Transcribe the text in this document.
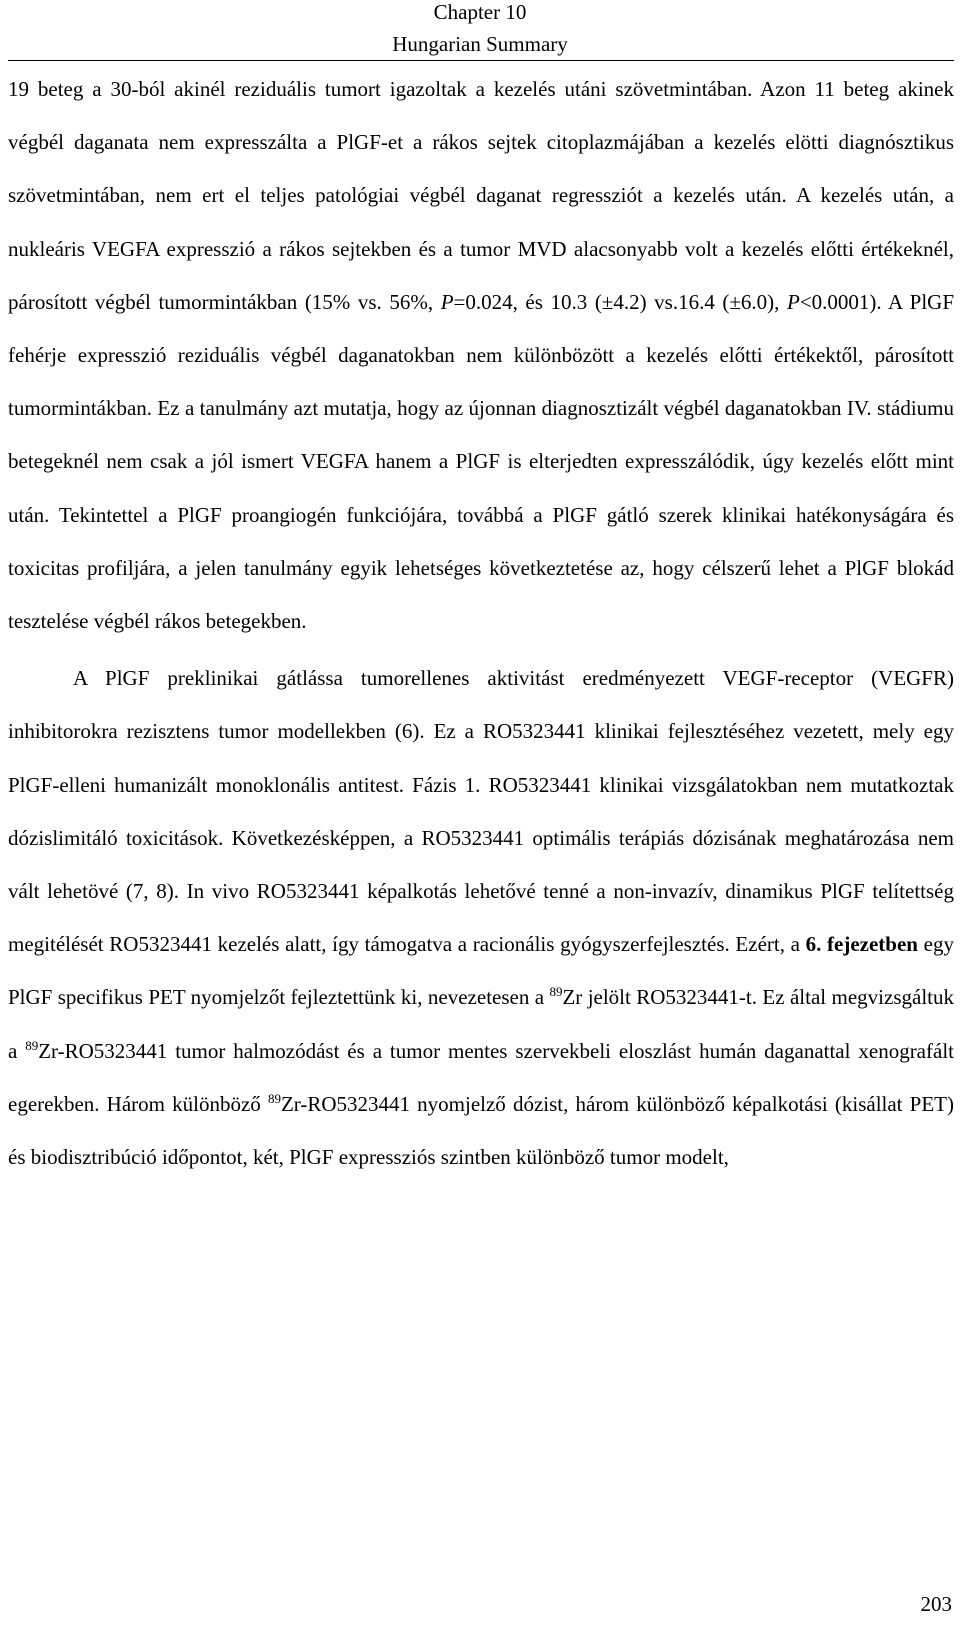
Chapter 10
Hungarian Summary

19 beteg a 30-ból akinél reziduális tumort igazoltak a kezelés utáni szövetmintában. Azon 11 beteg akinek végbél daganata nem expresszálta a PlGF-et a rákos sejtek citoplazmájában a kezelés elötti diagnósztikus szövetmintában, nem ert el teljes patológiai végbél daganat regressziót a kezelés után. A kezelés után, a nukleáris VEGFA expresszió a rákos sejtekben és a tumor MVD alacsonyabb volt a kezelés előtti értékeknél, párosított végbél tumormintákban (15% vs. 56%, P=0.024, és 10.3 (±4.2) vs.16.4 (±6.0), P<0.0001). A PlGF fehérje expresszió reziduális végbél daganatokban nem különbözött a kezelés előtti értékektől, párosított tumormintákban. Ez a tanulmány azt mutatja, hogy az újonnan diagnosztizált végbél daganatokban IV. stádiumu betegeknél nem csak a jól ismert VEGFA hanem a PlGF is elterjedten expresszálódik, úgy kezelés előtt mint után. Tekintettel a PlGF proangiogén funkciójára, továbbá a PlGF gátló szerek klinikai hatékonyságára és toxicitas profiljára, a jelen tanulmány egyik lehetséges következtetése az, hogy célszerű lehet a PlGF blokád tesztelése végbél rákos betegekben.

A PlGF preklinikai gátlássa tumorellenes aktivitást eredményezett VEGF-receptor (VEGFR) inhibitorokra rezisztens tumor modellekben (6). Ez a RO5323441 klinikai fejlesztéséhez vezetett, mely egy PlGF-elleni humanizált monoklonális antitest. Fázis 1. RO5323441 klinikai vizsgálatokban nem mutatkoztak dózislimitáló toxicitások. Következésképpen, a RO5323441 optimális terápiás dózisának meghatározása nem vált lehetövé (7, 8). In vivo RO5323441 képalkotás lehetővé tenné a non-invazív, dinamikus PlGF telítettség megitélését RO5323441 kezelés alatt, így támogatva a racionális gyógyszerfejlesztés. Ezért, a 6. fejezetben egy PlGF specifikus PET nyomjelzőt fejleztettünk ki, nevezetesen a $^{89}$Zr jelölt RO5323441-t. Ez által megvizsgáltuk a $^{89}$Zr-RO5323441 tumor halmozódást és a tumor mentes szervekbeli eloszlást humán daganattal xenografált egerekben. Három különböző $^{89}$Zr-RO5323441 nyomjelző dózist, három különböző képalkotási (kisállat PET) és biodisztribúció időpontot, két, PlGF expressziós szintben különböző tumor modelt,

203
